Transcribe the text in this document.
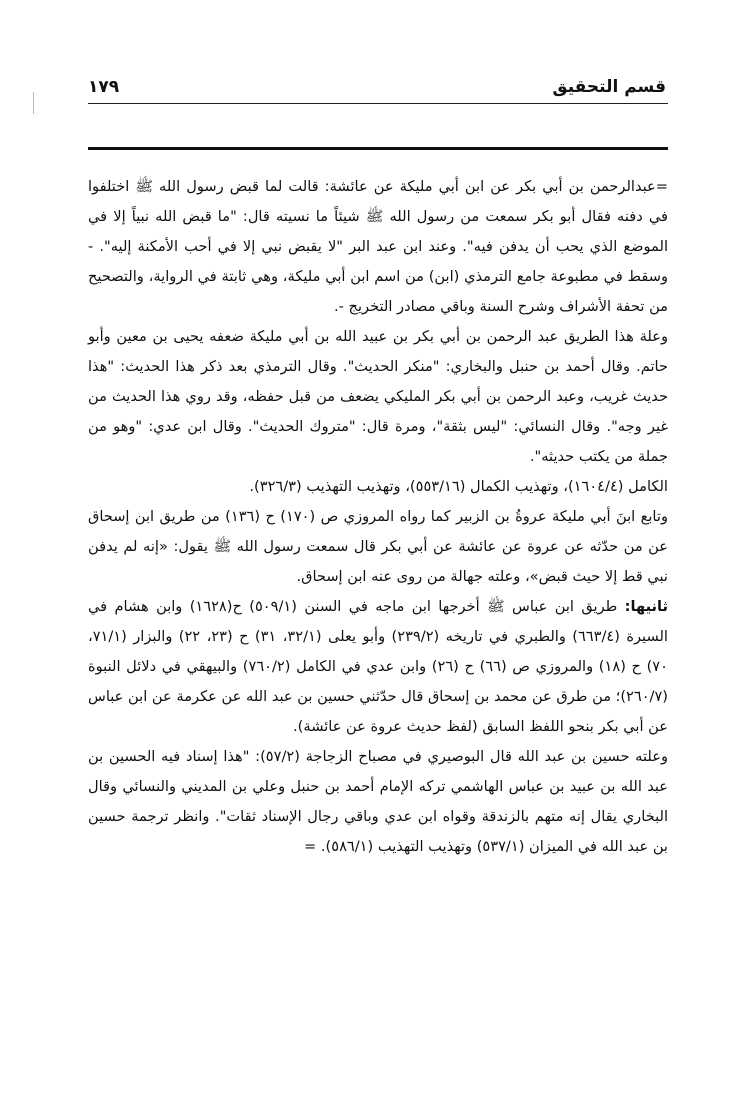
قسم التحقيق
١٧٩

=عبدالرحمن بن أبي بكر عن ابن أبي مليكة عن عائشة: قالت لما قبض رسول الله ﷺ اختلفوا في دفنه فقال أبو بكر سمعت من رسول الله ﷺ شيئاً ما نسيته قال: "ما قبض الله نبياً إلا في الموضع الذي يحب أن يدفن فيه". وعند ابن عبد البر "لا يقبض نبي إلا في أحب الأمكنة إليه". - وسقط في مطبوعة جامع الترمذي (ابن) من اسم ابن أبي مليكة، وهي ثابتة في الرواية، والتصحيح من تحفة الأشراف وشرح السنة وباقي مصادر التخريج -.

وعلة هذا الطريق عبد الرحمن بن أبي بكر بن عبيد الله بن أبي مليكة ضعفه يحيى بن معين وأبو حاتم. وقال أحمد بن حنبل والبخاري: "منكر الحديث". وقال الترمذي بعد ذكر هذا الحديث: "هذا حديث غريب، وعبد الرحمن بن أبي بكر المليكي يضعف من قبل حفظه، وقد روي هذا الحديث من غير وجه". وقال النسائي: "ليس بثقة"، ومرة قال: "متروك الحديث". وقال ابن عدي: "وهو من جملة من يكتب حديثه".

الكامل (١٦٠٤/٤)، وتهذيب الكمال (٥٥٣/١٦)، وتهذيب التهذيب (٣٢٦/٣).

وتابع ابنَ أبي مليكة عروةُ بن الزبير كما رواه المروزي ص (١٧٠) ح (١٣٦) من طريق ابن إسحاق عن من حدّثه عن عروة عن عائشة عن أبي بكر قال سمعت رسول الله ﷺ يقول: «إنه لم يدفن نبي قط إلا حيث قبض»، وعلته جهالة من روى عنه ابن إسحاق.

ثانيها: طريق ابن عباس ﷺ أخرجها ابن ماجه في السنن (٥٠٩/١) ح(١٦٢٨) وابن هشام في السيرة (٦٦٣/٤) والطبري في تاريخه (٢٣٩/٢) وأبو يعلى (٣٢/١، ٣١) ح (٢٣، ٢٢) والبزار (٧١/١، ٧٠) ح (١٨) والمروزي ص (٦٦) ح (٢٦) وابن عدي في الكامل (٧٦٠/٢) والبيهقي في دلائل النبوة (٢٦٠/٧)؛ من طرق عن محمد بن إسحاق قال حدّثني حسين بن عبد الله عن عكرمة عن ابن عباس عن أبي بكر بنحو اللفظ السابق (لفظ حديث عروة عن عائشة).

وعلته حسين بن عبد الله قال البوصيري في مصباح الزجاجة (٥٧/٢): "هذا إسناد فيه الحسين بن عبد الله بن عبيد بن عباس الهاشمي تركه الإمام أحمد بن حنبل وعلي بن المديني والنسائي وقال البخاري يقال إنه متهم بالزندقة وقواه ابن عدي وباقي رجال الإسناد ثقات". وانظر ترجمة حسين بن عبد الله في الميزان (٥٣٧/١) وتهذيب التهذيب (٥٨٦/١). =
